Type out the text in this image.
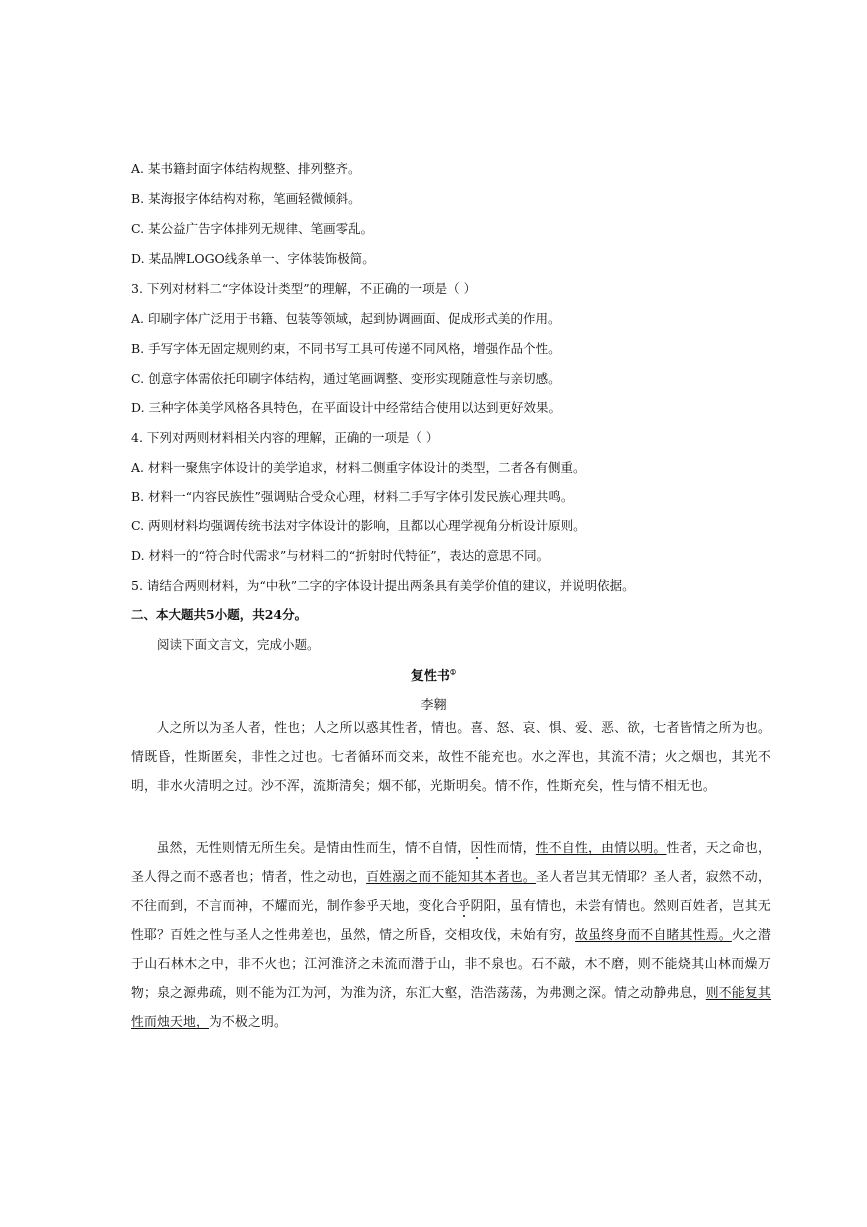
A. 某书籍封面字体结构规整、排列整齐。
B. 某海报字体结构对称，笔画轻微倾斜。
C. 某公益广告字体排列无规律、笔画零乱。
D. 某品牌LOGO线条单一、字体装饰极简。
3. 下列对材料二“字体设计类型”的理解，不正确的一项是（ ）
A. 印刷字体广泛用于书籍、包装等领域，起到协调画面、促成形式美的作用。
B. 手写字体无固定规则约束，不同书写工具可传递不同风格，增强作品个性。
C. 创意字体需依托印刷字体结构，通过笔画调整、变形实现随意性与亲切感。
D. 三种字体美学风格各具特色，在平面设计中经常结合使用以达到更好效果。
4. 下列对两则材料相关内容的理解，正确的一项是（ ）
A. 材料一聚焦字体设计的美学追求，材料二侧重字体设计的类型，二者各有侧重。
B. 材料一“内容民族性”强调贴合受众心理，材料二手写字体引发民族心理共鸣。
C. 两则材料均强调传统书法对字体设计的影响，且都以心理学视角分析设计原则。
D. 材料一的“符合时代需求”与材料二的“折射时代特征”，表达的意思不同。
5. 请结合两则材料，为“中秋”二字的字体设计提出两条具有美学价值的建议，并说明依据。
二、本大题共5小题，共24分。
阅读下面文言文，完成小题。
复性书①
李翱
人之所以为圣人者，性也；人之所以惑其性者，情也。喜、怒、哀、惧、爱、恶、欲，七者皆情之所为也。情既昏，性斯匿矣，非性之过也。七者循环而交来，故性不能充也。水之浑也，其流不清；火之烟也，其光不明，非水火清明之过。沙不浑，流斯清矣；烟不郁，光斯明矣。情不作，性斯充矣，性与情不相无也。
虽然，无性则情无所生矣。是情由性而生，情不自情，因性而情，性不自性，由情以明。性者，天之命也，圣人得之而不惑者也；情者，性之动也，百姓溺之而不能知其本者也。圣人者岂其无情耶？圣人者，寂然不动，不往而到，不言而神，不耀而光，制作参乎天地，变化合乎阴阳，虽有情也，未尝有情也。然则百姓者，岂其无性耶？百姓之性与圣人之性弗差也，虽然，情之所昏，交相攻伐，未始有穷，故虽终身而不自睹其性焉。火之潜于山石林木之中，非不火也；江河淮济之未流而潜于山，非不泉也。石不敲，木不磨，则不能烧其山林而燥万物；泉之源弗疏，则不能为江为河，为淮为济，东汇大壑，浩浩荡荡，为弗测之深。情之动静弗息，则不能复其性而烛天地，为不极之明。
